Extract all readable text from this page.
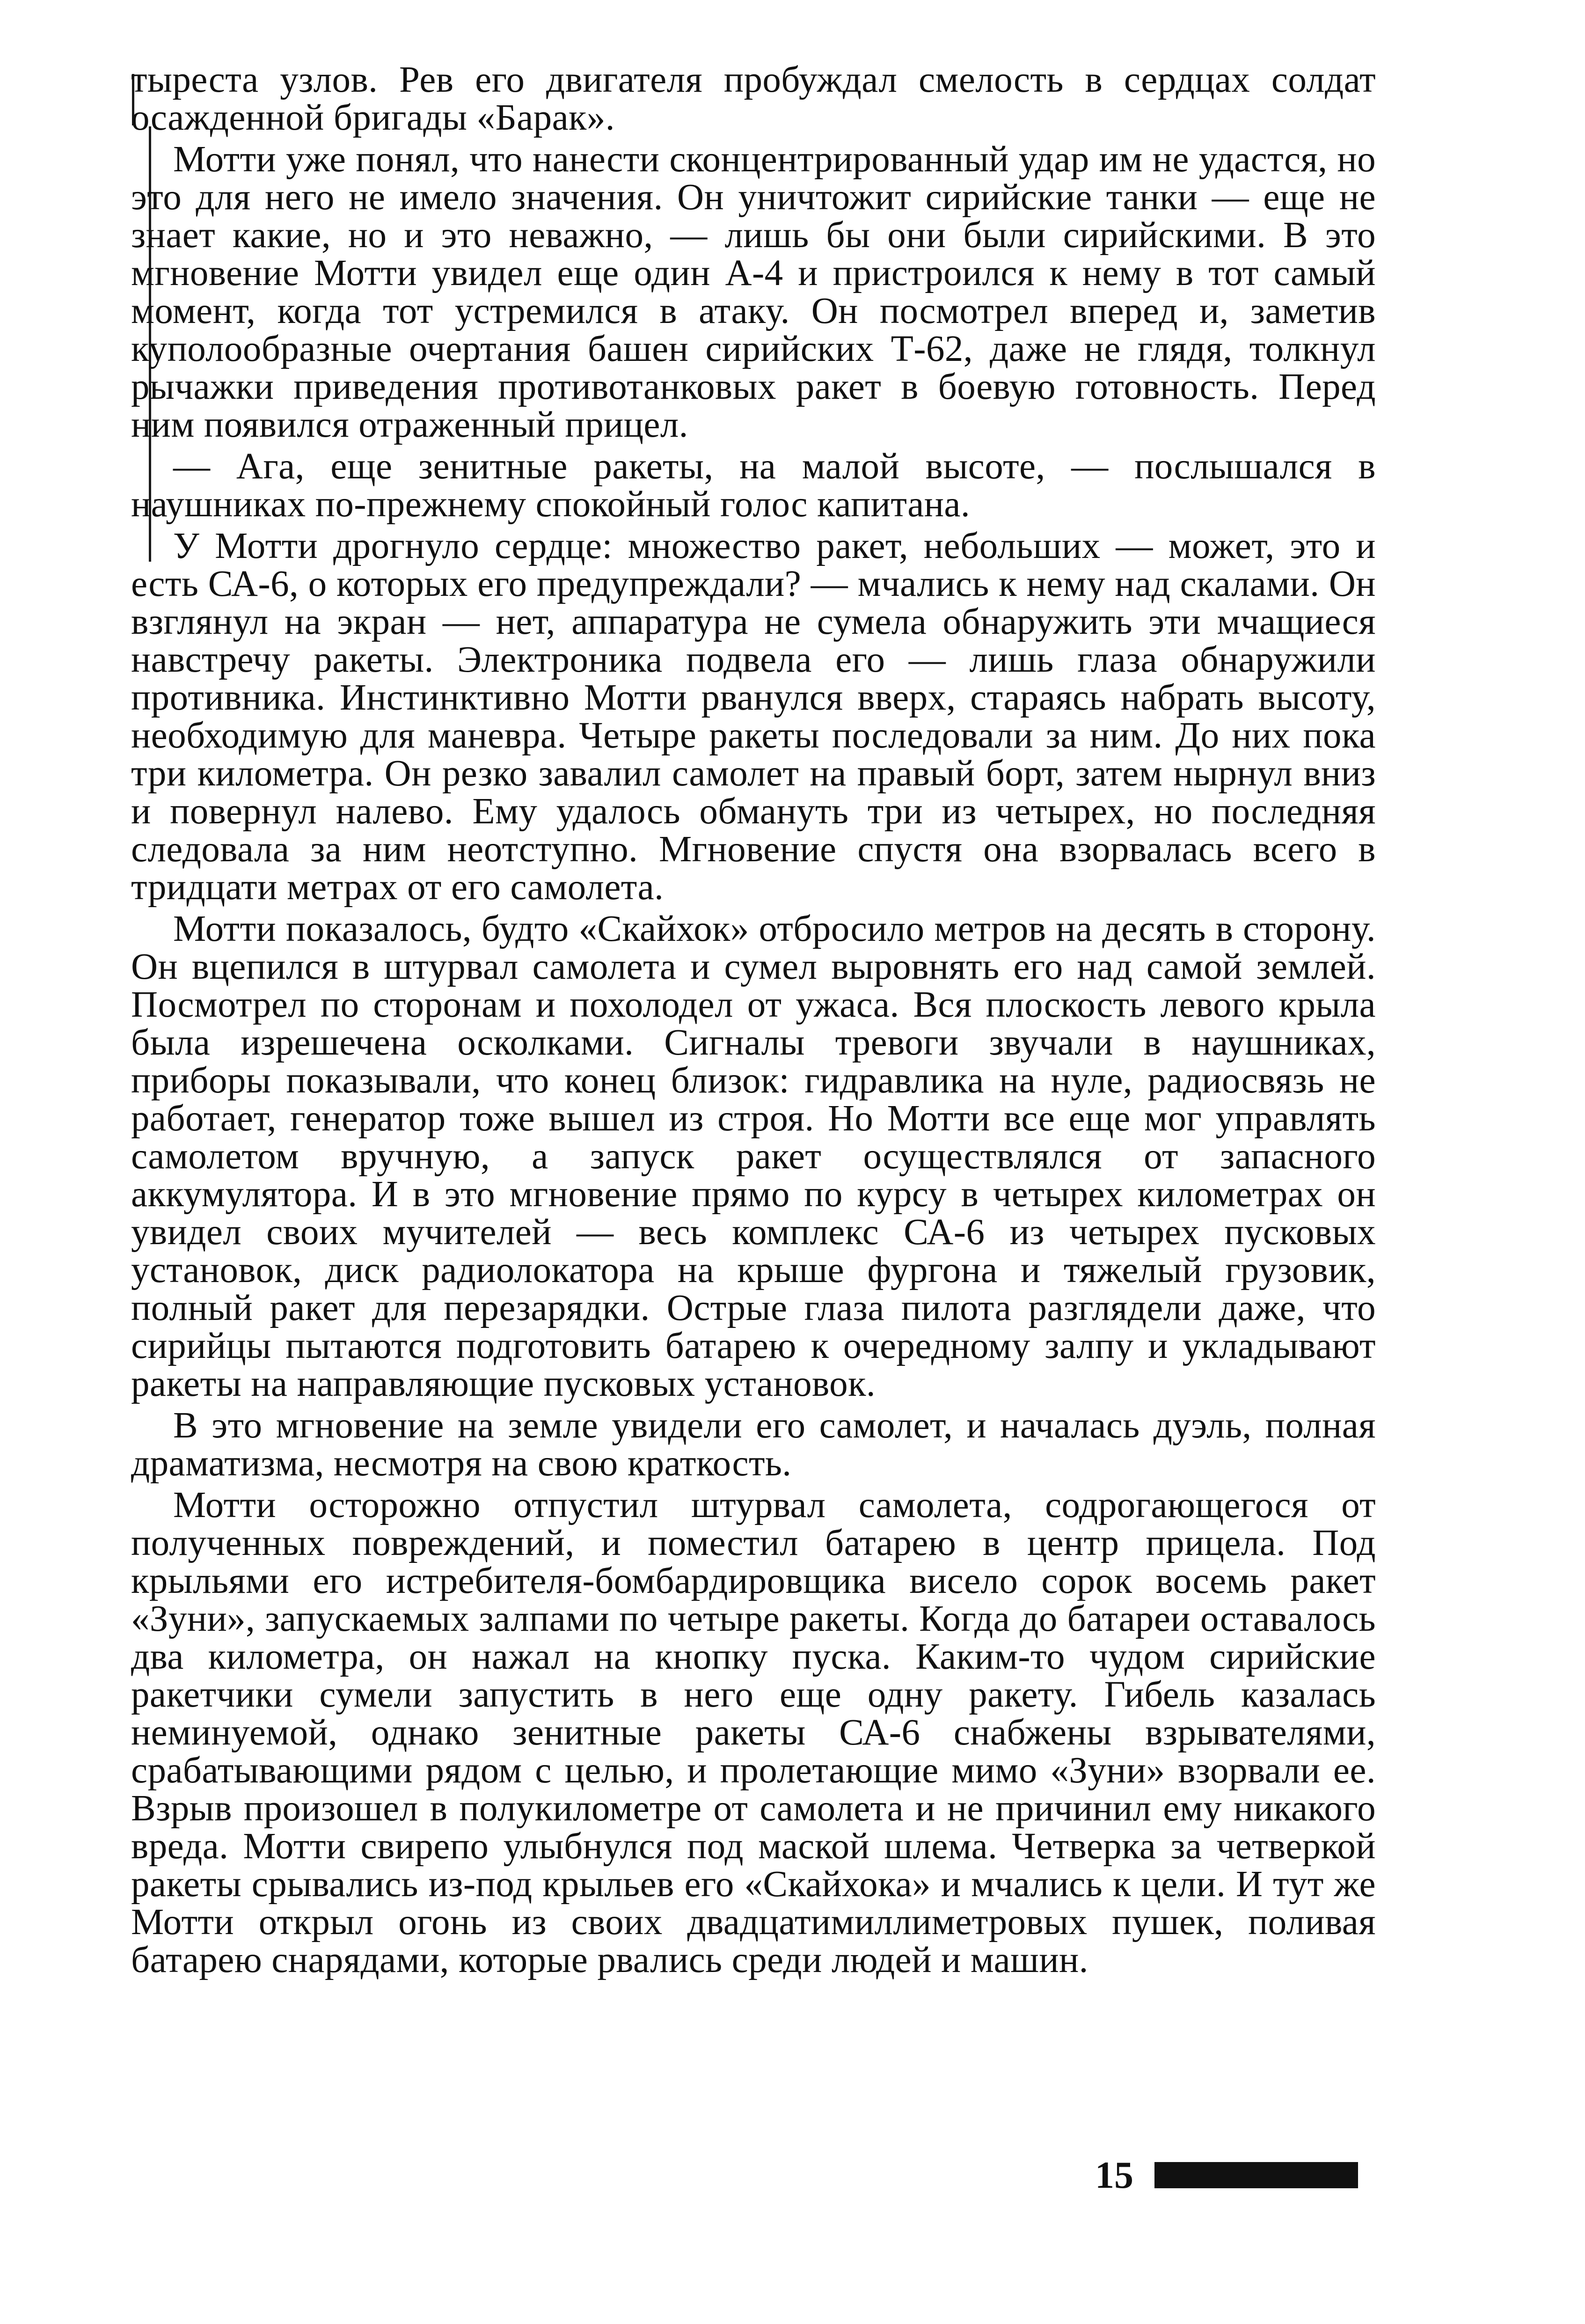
тыреста узлов. Рев его двигателя пробуждал смелость в сердцах солдат осажденной бригады «Барак».

Мотти уже понял, что нанести сконцентрированный удар им не удастся, но это для него не имело значения. Он уничтожит сирийские танки — еще не знает какие, но и это неважно, — лишь бы они были сирийскими. В это мгновение Мотти увидел еще один А-4 и пристроился к нему в тот самый момент, когда тот устремился в атаку. Он посмотрел вперед и, заметив куполообразные очертания башен сирийских Т-62, даже не глядя, толкнул рычажки приведения противотанковых ракет в боевую готовность. Перед ним появился отраженный прицел.

— Ага, еще зенитные ракеты, на малой высоте, — послышался в наушниках по-прежнему спокойный голос капитана.

У Мотти дрогнуло сердце: множество ракет, небольших — может, это и есть СА-6, о которых его предупреждали? — мчались к нему над скалами. Он взглянул на экран — нет, аппаратура не сумела обнаружить эти мчащиеся навстречу ракеты. Электроника подвела его — лишь глаза обнаружили противника. Инстинктивно Мотти рванулся вверх, стараясь набрать высоту, необходимую для маневра. Четыре ракеты последовали за ним. До них пока три километра. Он резко завалил самолет на правый борт, затем нырнул вниз и повернул налево. Ему удалось обмануть три из четырех, но последняя следовала за ним неотступно. Мгновение спустя она взорвалась всего в тридцати метрах от его самолета.

Мотти показалось, будто «Скайхок» отбросило метров на десять в сторону. Он вцепился в штурвал самолета и сумел выровнять его над самой землей. Посмотрел по сторонам и похолодел от ужаса. Вся плоскость левого крыла была изрешечена осколками. Сигналы тревоги звучали в наушниках, приборы показывали, что конец близок: гидравлика на нуле, радиосвязь не работает, генератор тоже вышел из строя. Но Мотти все еще мог управлять самолетом вручную, а запуск ракет осуществлялся от запасного аккумулятора. И в это мгновение прямо по курсу в четырех километрах он увидел своих мучителей — весь комплекс СА-6 из четырех пусковых установок, диск радиолокатора на крыше фургона и тяжелый грузовик, полный ракет для перезарядки. Острые глаза пилота разглядели даже, что сирийцы пытаются подготовить батарею к очередному залпу и укладывают ракеты на направляющие пусковых установок.

В это мгновение на земле увидели его самолет, и началась дуэль, полная драматизма, несмотря на свою краткость.

Мотти осторожно отпустил штурвал самолета, содрогающегося от полученных повреждений, и поместил батарею в центр прицела. Под крыльями его истребителя-бомбардировщика висело сорок восемь ракет «Зуни», запускаемых залпами по четыре ракеты. Когда до батареи оставалось два километра, он нажал на кнопку пуска. Каким-то чудом сирийские ракетчики сумели запустить в него еще одну ракету. Гибель казалась неминуемой, однако зенитные ракеты СА-6 снабжены взрывателями, срабатывающими рядом с целью, и пролетающие мимо «Зуни» взорвали ее. Взрыв произошел в полукилометре от самолета и не причинил ему никакого вреда. Мотти свирепо улыбнулся под маской шлема. Четверка за четверкой ракеты срывались из-под крыльев его «Скайхока» и мчались к цели. И тут же Мотти открыл огонь из своих двадцатимиллиметровых пушек, поливая батарею снарядами, которые рвались среди людей и машин.

15
